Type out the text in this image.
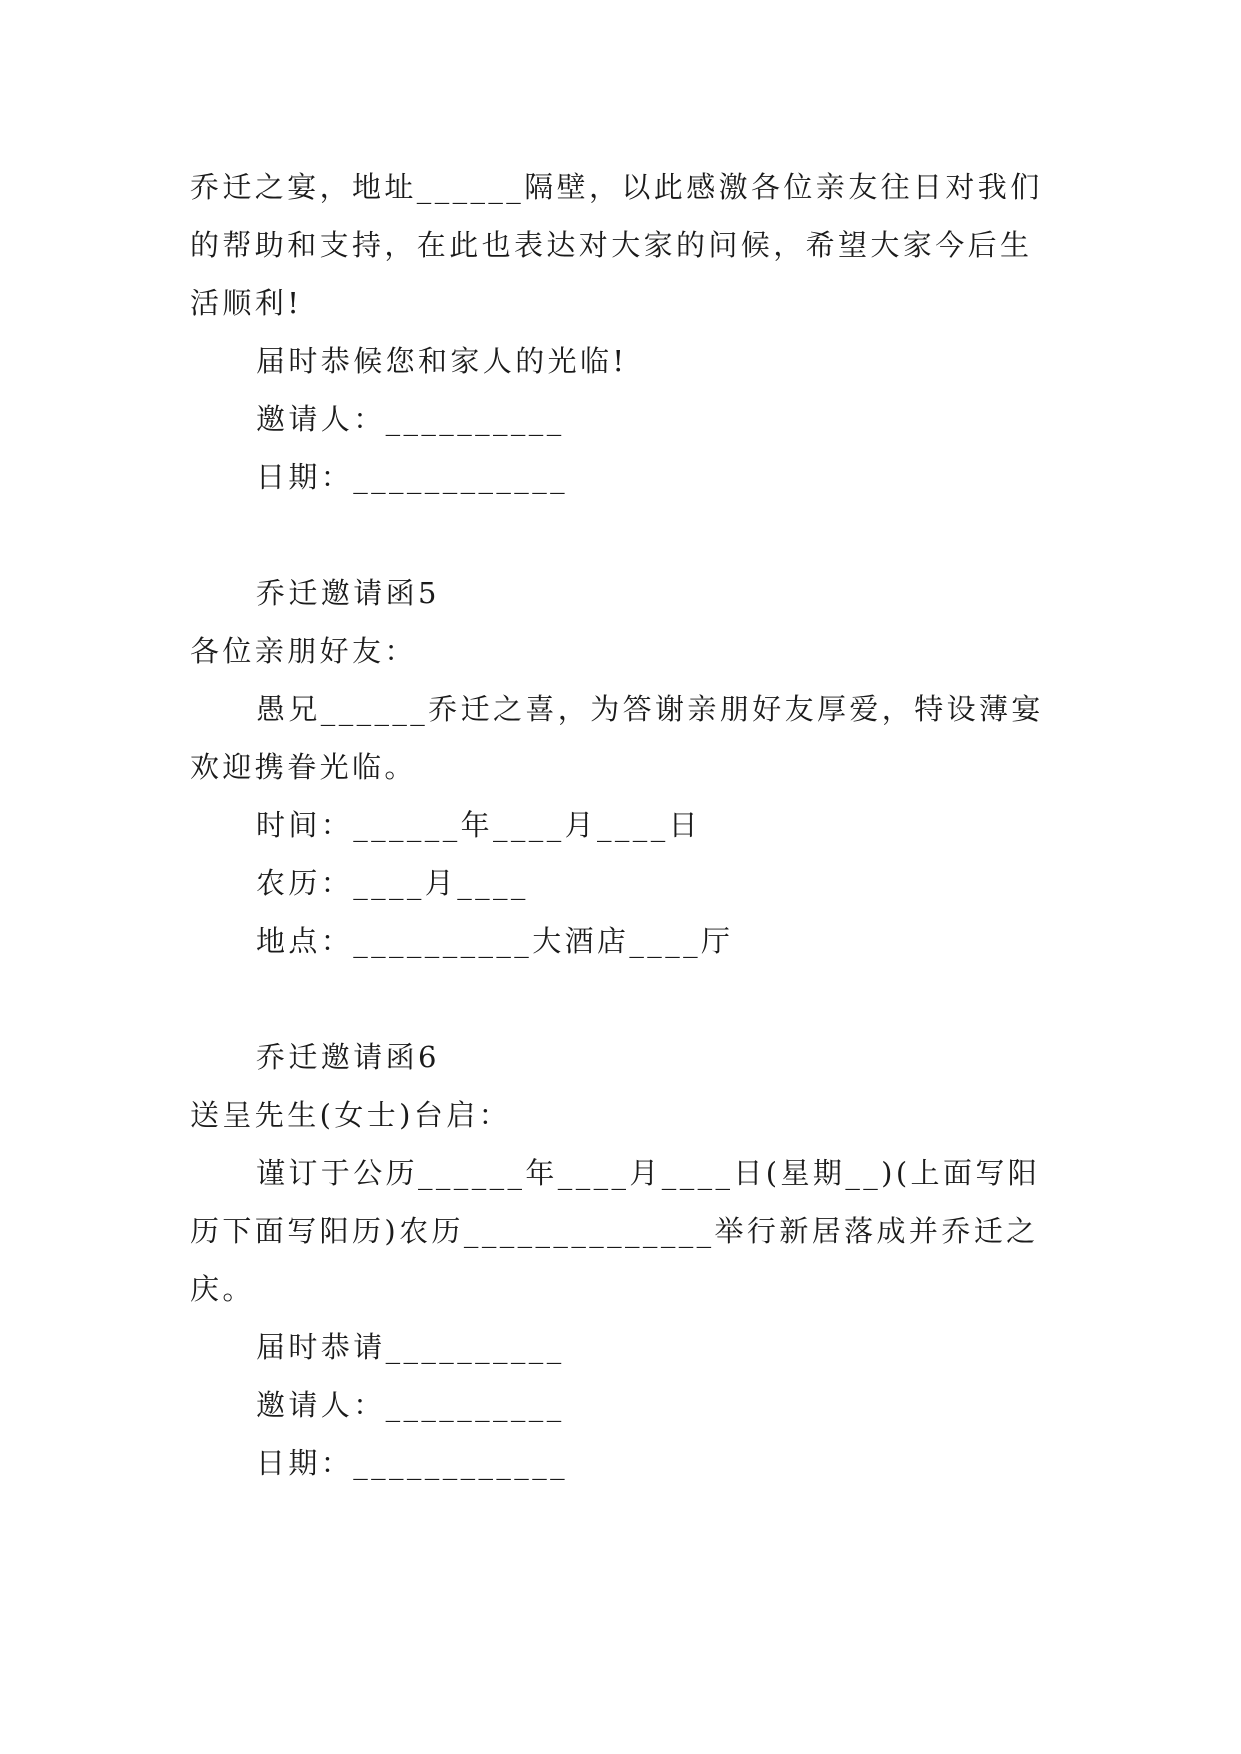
乔迁之宴，地址______隔壁，以此感激各位亲友往日对我们

的帮助和支持，在此也表达对大家的问候，希望大家今后生

活顺利!

届时恭候您和家人的光临!

邀请人：__________

日期：____________

乔迁邀请函5

各位亲朋好友：

愚兄______乔迁之喜，为答谢亲朋好友厚爱，特设薄宴

欢迎携眷光临。

时间：______年____月____日

农历：____月____

地点：__________大酒店____厅

乔迁邀请函6

送呈先生(女士)台启：

谨订于公历______年____月____日(星期__)(上面写阳

历下面写阳历)农历______________举行新居落成并乔迁之

庆。

届时恭请__________

邀请人：__________

日期：____________
